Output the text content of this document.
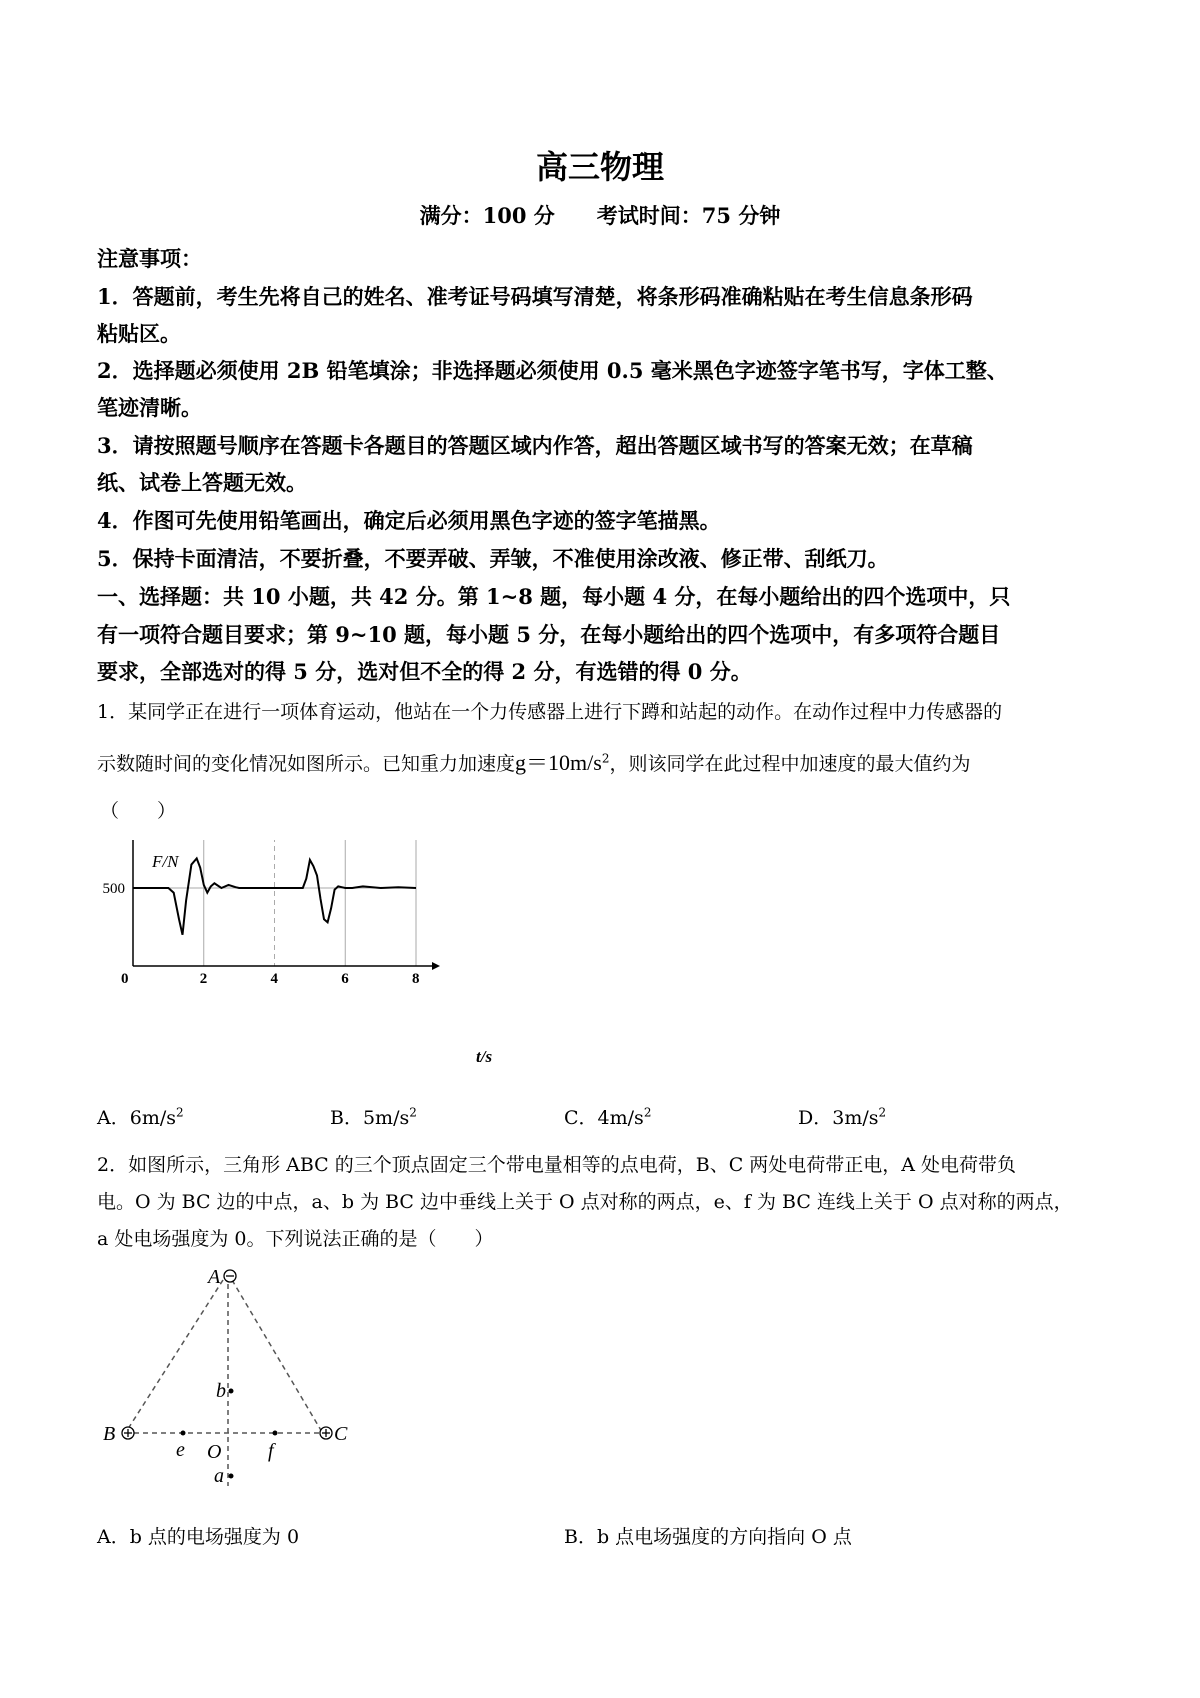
高三物理
满分：100 分　　考试时间：75 分钟
注意事项：
1．答题前，考生先将自己的姓名、准考证号码填写清楚，将条形码准确粘贴在考生信息条形码
粘贴区。
2．选择题必须使用 2B 铅笔填涂；非选择题必须使用 0.5 毫米黑色字迹签字笔书写，字体工整、
笔迹清晰。
3．请按照题号顺序在答题卡各题目的答题区域内作答，超出答题区域书写的答案无效；在草稿
纸、试卷上答题无效。
4．作图可先使用铅笔画出，确定后必须用黑色字迹的签字笔描黑。
5．保持卡面清洁，不要折叠，不要弄破、弄皱，不准使用涂改液、修正带、刮纸刀。
一、选择题：共 10 小题，共 42 分。第 1~8 题，每小题 4 分，在每小题给出的四个选项中，只
有一项符合题目要求；第 9~10 题，每小题 5 分，在每小题给出的四个选项中，有多项符合题目
要求，全部选对的得 5 分，选对但不全的得 2 分，有选错的得 0 分。
1．某同学正在进行一项体育运动，他站在一个力传感器上进行下蹲和站起的动作。在动作过程中力传感器的
示数随时间的变化情况如图所示。已知重力加速度$g=10m/s^2$，则该同学在此过程中加速度的最大值约为
（　　）
0	2	4	6	8
500
F/N
t/s
A．$6m/s^2$	B．$5m/s^2$	C．$4m/s^2$	D．$3m/s^2$
2．如图所示，三角形 ABC 的三个顶点固定三个带电量相等的点电荷，B、C 两处电荷带正电，A 处电荷带负
电。O 为 BC 边的中点，a、b 为 BC 边中垂线上关于 O 点对称的两点，e、f 为 BC 连线上关于 O 点对称的两点，
a 处电场强度为 0。下列说法正确的是（　　）
A
B	C
O
b
e	f
a
A．b 点的电场强度为 0	B．b 点电场强度的方向指向 O 点
